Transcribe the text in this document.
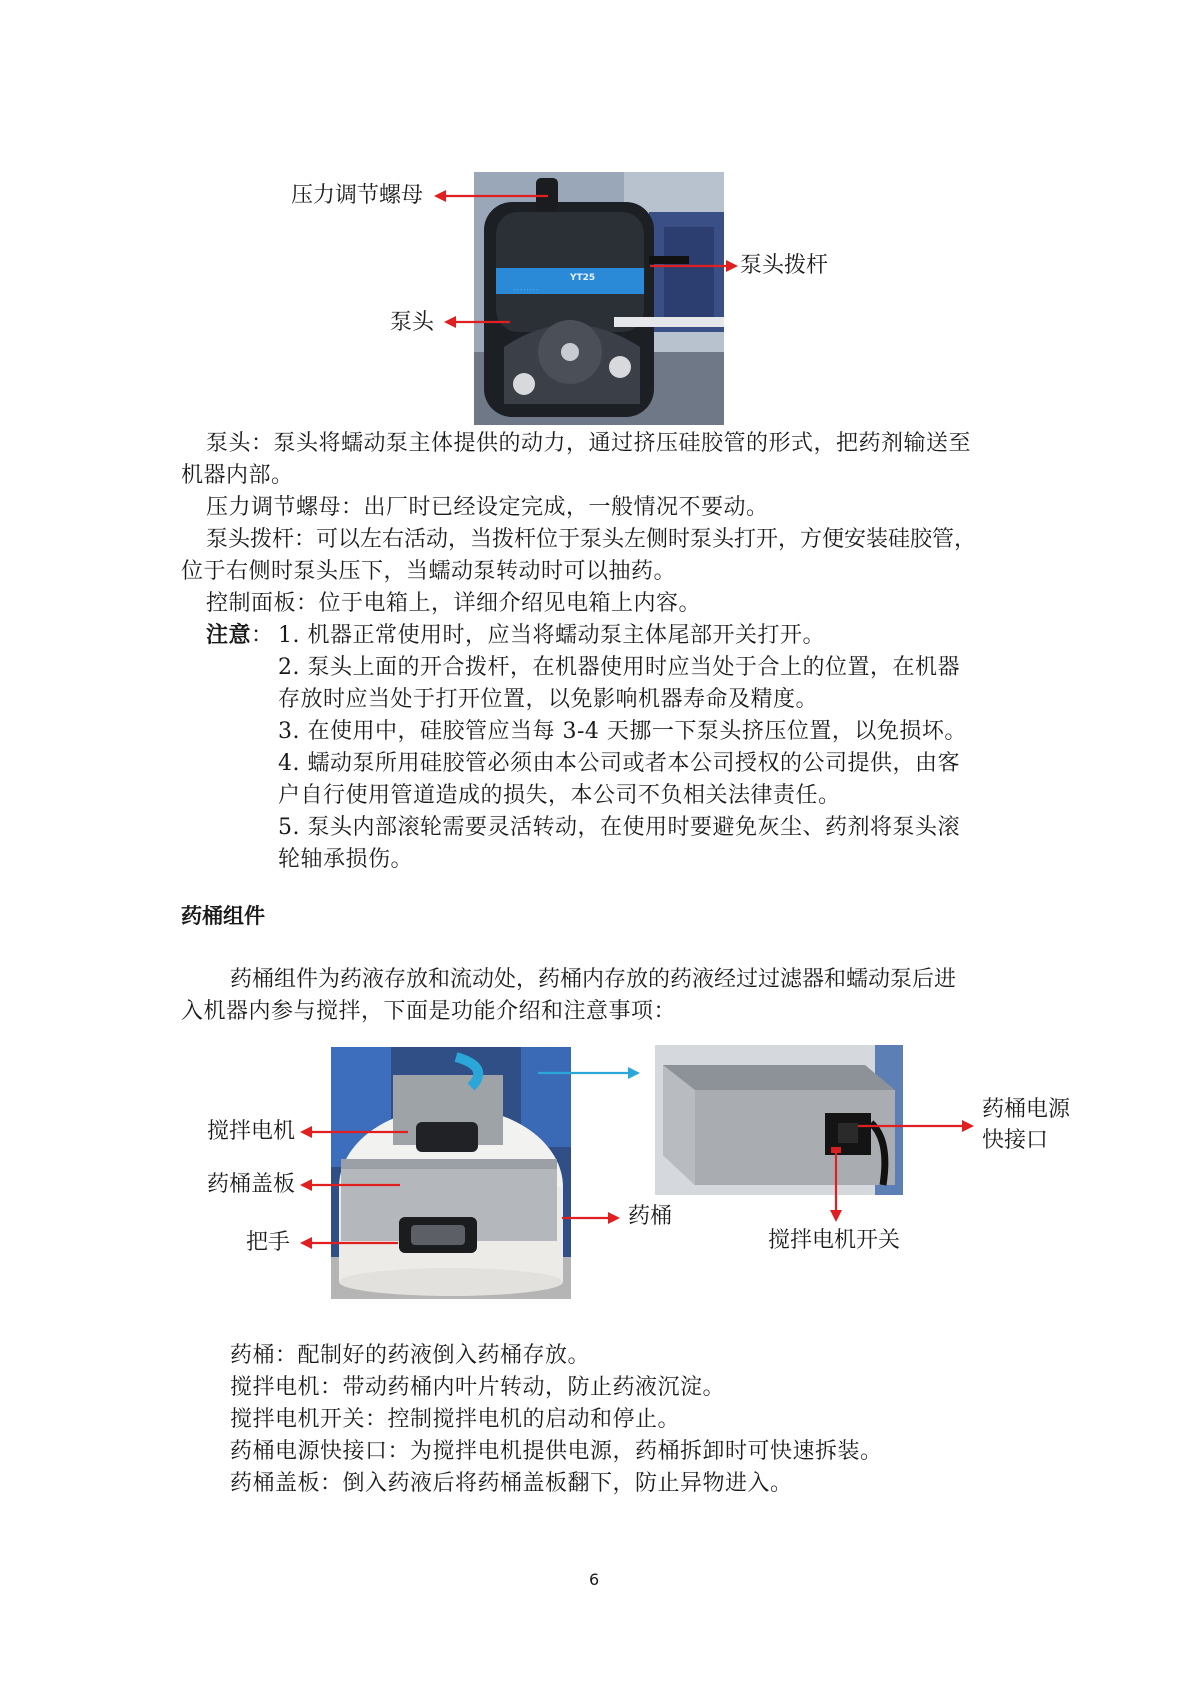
YT25
· · · · · · · ·
压力调节螺母
泵头拨杆
泵头
泵头：泵头将蠕动泵主体提供的动力，通过挤压硅胶管的形式，把药剂输送至
机器内部。
压力调节螺母：出厂时已经设定完成，一般情况不要动。
泵头拨杆：可以左右活动，当拨杆位于泵头左侧时泵头打开，方便安装硅胶管，
位于右侧时泵头压下，当蠕动泵转动时可以抽药。
控制面板：位于电箱上，详细介绍见电箱上内容。
注意： 1. 机器正常使用时，应当将蠕动泵主体尾部开关打开。
2. 泵头上面的开合拨杆，在机器使用时应当处于合上的位置，在机器
存放时应当处于打开位置，以免影响机器寿命及精度。
3. 在使用中，硅胶管应当每 3-4 天挪一下泵头挤压位置，以免损坏。
4. 蠕动泵所用硅胶管必须由本公司或者本公司授权的公司提供，由客
户自行使用管道造成的损失，本公司不负相关法律责任。
5. 泵头内部滚轮需要灵活转动，在使用时要避免灰尘、药剂将泵头滚
轮轴承损伤。
药桶组件
药桶组件为药液存放和流动处，药桶内存放的药液经过过滤器和蠕动泵后进
入机器内参与搅拌，下面是功能介绍和注意事项：
搅拌电机
药桶盖板
把手
药桶
药桶电源
快接口
搅拌电机开关
药桶：配制好的药液倒入药桶存放。
搅拌电机：带动药桶内叶片转动，防止药液沉淀。
搅拌电机开关：控制搅拌电机的启动和停止。
药桶电源快接口：为搅拌电机提供电源，药桶拆卸时可快速拆装。
药桶盖板：倒入药液后将药桶盖板翻下，防止异物进入。
6
